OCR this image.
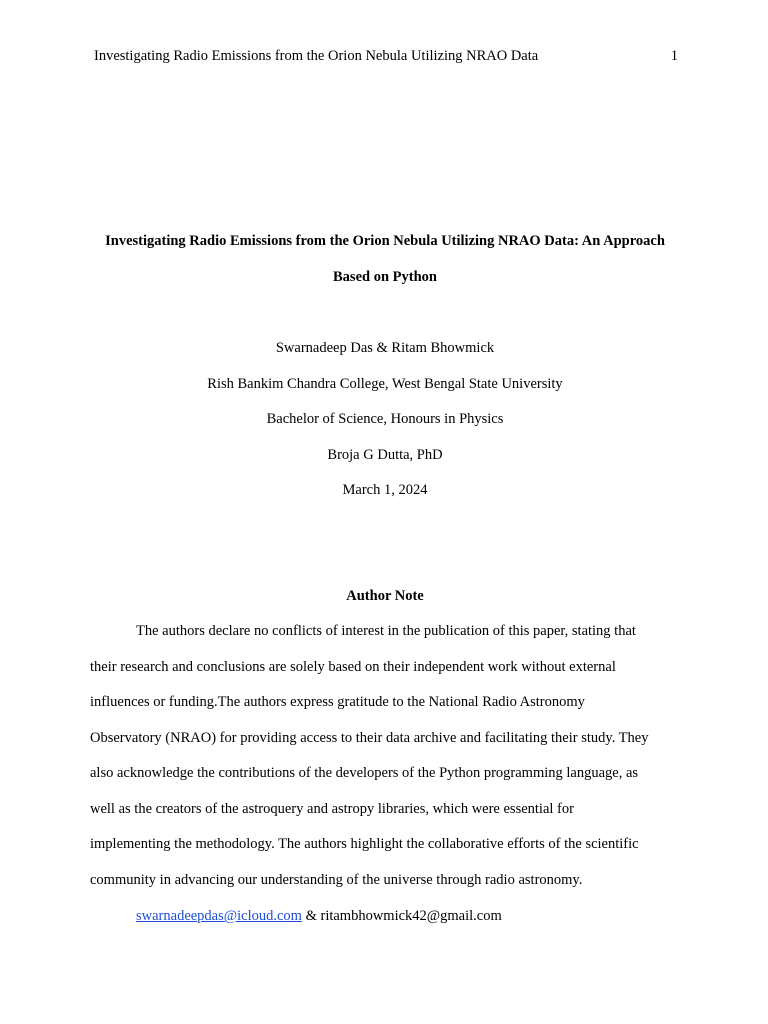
Investigating Radio Emissions from the Orion Nebula Utilizing NRAO Data	1
Investigating Radio Emissions from the Orion Nebula Utilizing NRAO Data: An Approach
Based on Python
Swarnadeep Das & Ritam Bhowmick
Rish Bankim Chandra College, West Bengal State University
Bachelor of Science, Honours in Physics
Broja G Dutta, PhD
March 1, 2024
Author Note
The authors declare no conflicts of interest in the publication of this paper, stating that
their research and conclusions are solely based on their independent work without external
influences or funding.The authors express gratitude to the National Radio Astronomy
Observatory (NRAO) for providing access to their data archive and facilitating their study. They
also acknowledge the contributions of the developers of the Python programming language, as
well as the creators of the astroquery and astropy libraries, which were essential for
implementing the methodology. The authors highlight the collaborative efforts of the scientific
community in advancing our understanding of the universe through radio astronomy.
swarnadeepdas@icloud.com & ritambhowmick42@gmail.com
